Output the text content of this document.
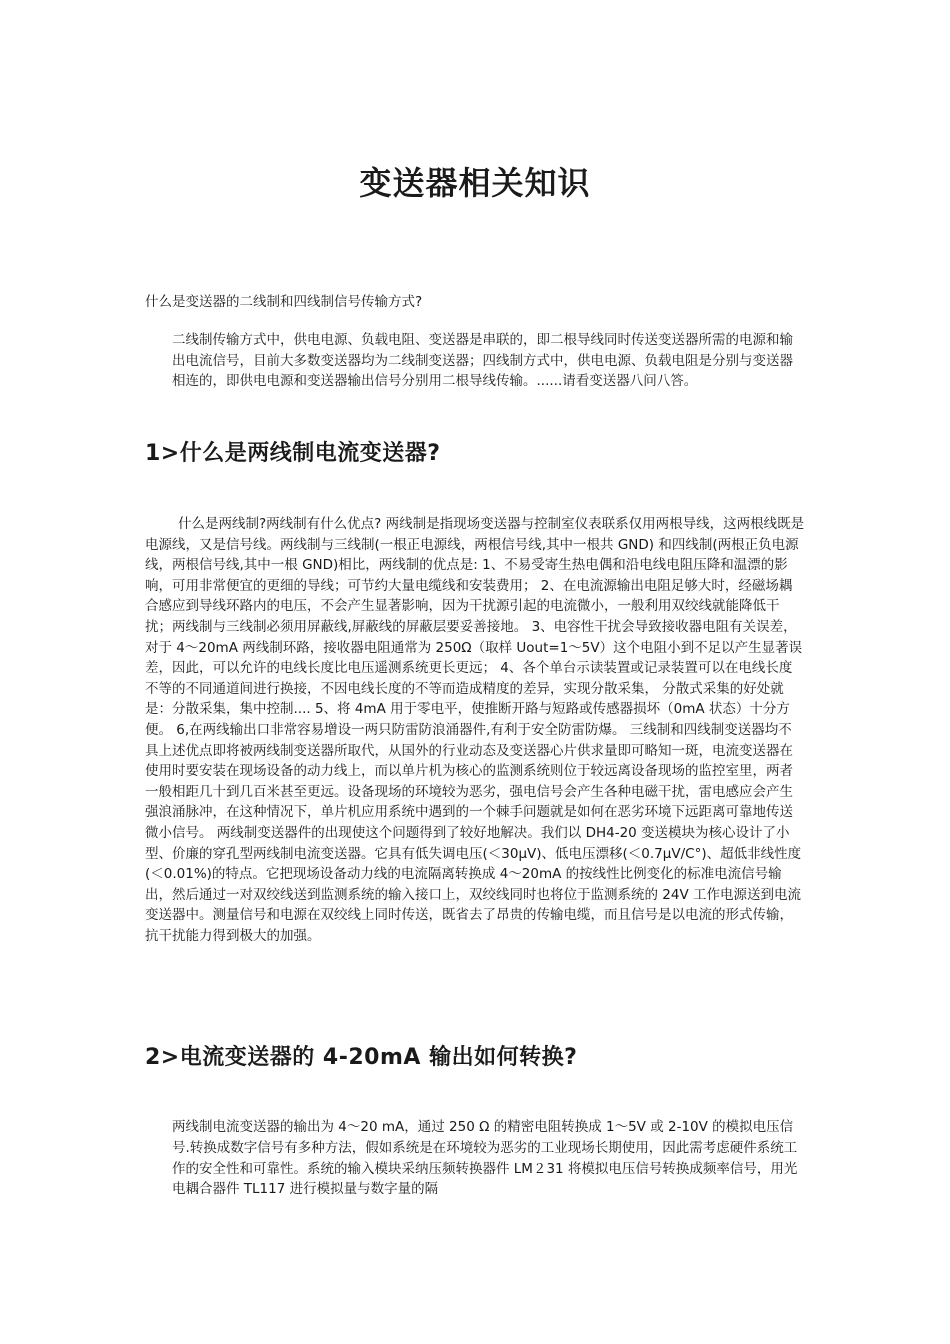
变送器相关知识

什么是变送器的二线制和四线制信号传输方式?

二线制传输方式中，供电电源、负载电阻、变送器是串联的，即二根导线同时传送变送器所需的电源和输出电流信号，目前大多数变送器均为二线制变送器；四线制方式中，供电电源、负载电阻是分别与变送器相连的，即供电电源和变送器输出信号分别用二根导线传输。......请看变送器八问八答。

1>什么是两线制电流变送器?

什么是两线制?两线制有什么优点? 两线制是指现场变送器与控制室仪表联系仅用两根导线，这两根线既是电源线，又是信号线。两线制与三线制(一根正电源线，两根信号线,其中一根共 GND) 和四线制(两根正负电源线，两根信号线,其中一根 GND)相比，两线制的优点是: 1、不易受寄生热电偶和沿电线电阻压降和温漂的影响，可用非常便宜的更细的导线；可节约大量电缆线和安装费用； 2、在电流源输出电阻足够大时，经磁场耦合感应到导线环路内的电压，不会产生显著影响，因为干扰源引起的电流微小，一般利用双绞线就能降低干扰；两线制与三线制必须用屏蔽线,屏蔽线的屏蔽层要妥善接地。 3、电容性干扰会导致接收器电阻有关误差，对于 4～20mA 两线制环路，接收器电阻通常为 250Ω（取样 Uout=1～5V）这个电阻小到不足以产生显著误差，因此，可以允许的电线长度比电压遥测系统更长更远； 4、各个单台示读装置或记录装置可以在电线长度不等的不同通道间进行换接，不因电线长度的不等而造成精度的差异，实现分散采集， 分散式采集的好处就是：分散采集，集中控制.... 5、将 4mA 用于零电平，使推断开路与短路或传感器损坏（0mA 状态）十分方便。 6,在两线输出口非常容易增设一两只防雷防浪涌器件,有利于安全防雷防爆。 三线制和四线制变送器均不具上述优点即将被两线制变送器所取代，从国外的行业动态及变送器心片供求量即可略知一斑，电流变送器在使用时要安装在现场设备的动力线上，而以单片机为核心的监测系统则位于较远离设备现场的监控室里，两者一般相距几十到几百米甚至更远。设备现场的环境较为恶劣，强电信号会产生各种电磁干扰，雷电感应会产生强浪涌脉冲，在这种情况下，单片机应用系统中遇到的一个棘手问题就是如何在恶劣环境下远距离可靠地传送微小信号。 两线制变送器件的出现使这个问题得到了较好地解决。我们以 DH4-20 变送模块为核心设计了小型、价廉的穿孔型两线制电流变送器。它具有低失调电压(＜30μV)、低电压漂移(＜0.7μV/C°)、超低非线性度(＜0.01%)的特点。它把现场设备动力线的电流隔离转换成 4～20mA 的按线性比例变化的标准电流信号输出，然后通过一对双绞线送到监测系统的输入接口上，双绞线同时也将位于监测系统的 24V 工作电源送到电流变送器中。测量信号和电源在双绞线上同时传送，既省去了昂贵的传输电缆，而且信号是以电流的形式传输，抗干扰能力得到极大的加强。

2>电流变送器的 4-20mA 输出如何转换?

两线制电流变送器的输出为 4～20 mA，通过 250 Ω 的精密电阻转换成 1～5V 或 2-10V 的模拟电压信号.转换成数字信号有多种方法，假如系统是在环境较为恶劣的工业现场长期使用，因此需考虑硬件系统工作的安全性和可靠性。系统的输入模块采纳压频转换器件 LM２31 将模拟电压信号转换成频率信号，用光电耦合器件 TL117 进行模拟量与数字量的隔
